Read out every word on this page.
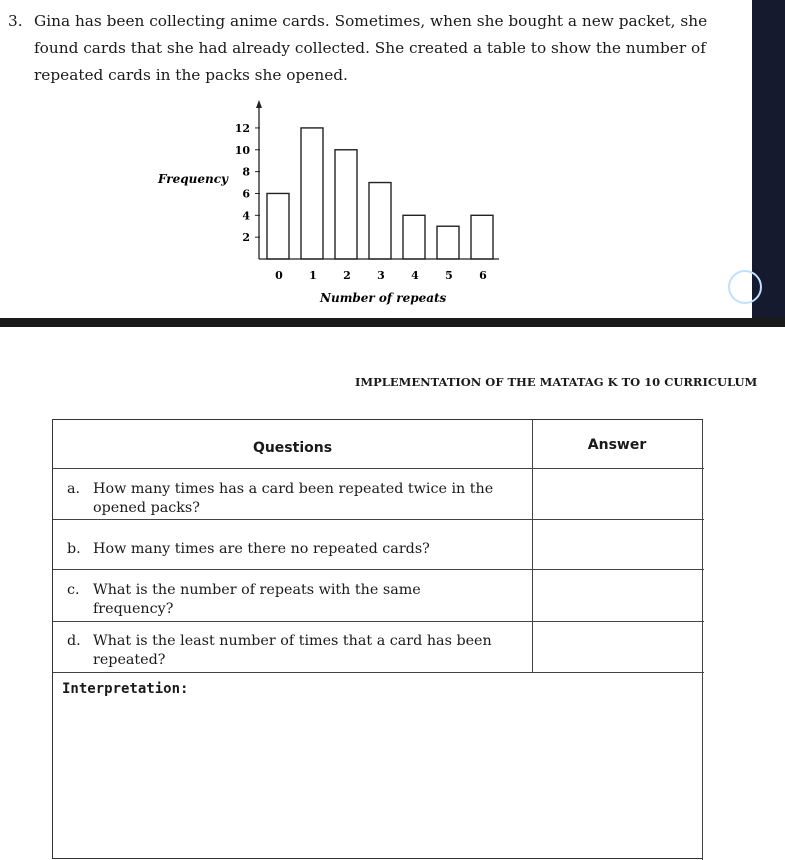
3. Gina has been collecting anime cards. Sometimes, when she bought a new packet, she
found cards that she had already collected. She created a table to show the number of
repeated cards in the packs she opened.
Frequency
Number of repeats
2
4
6
8
10
12
0 1 2 3 4 5 6
IMPLEMENTATION OF THE MATATAG K TO 10 CURRICULUM
Questions	Answer
a. How many times has a card been repeated twice in the opened packs?
b. How many times are there no repeated cards?
c. What is the number of repeats with the same frequency?
d. What is the least number of times that a card has been repeated?
Interpretation:
